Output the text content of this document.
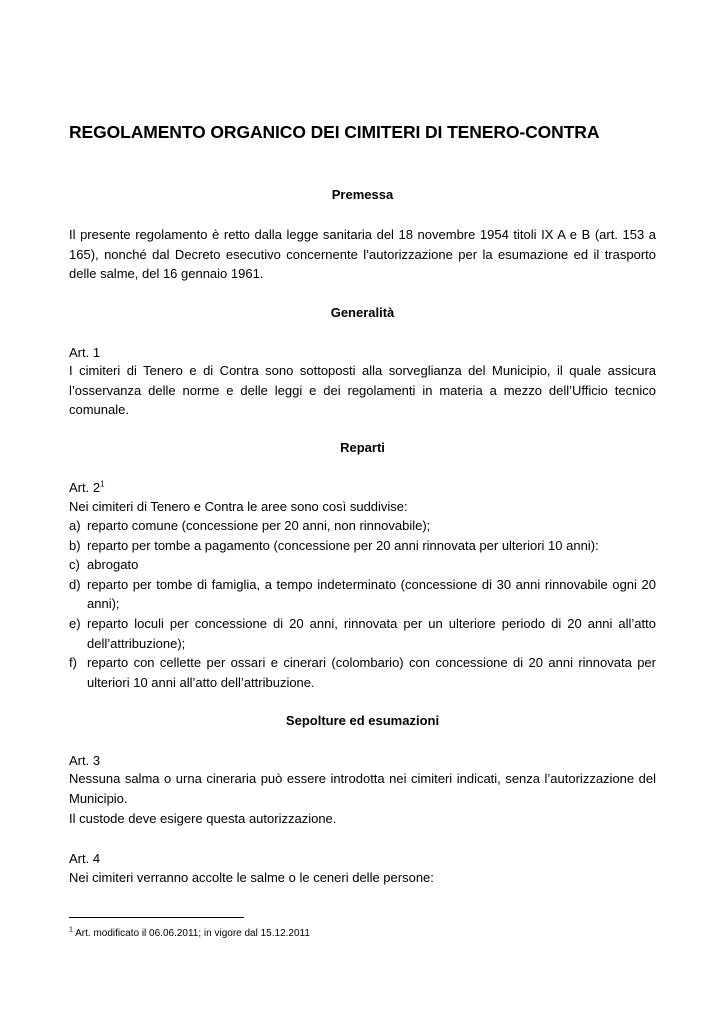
REGOLAMENTO ORGANICO DEI CIMITERI DI TENERO-CONTRA
Premessa

Il presente regolamento è retto dalla legge sanitaria del 18 novembre 1954 titoli IX A e B (art. 153 a 165), nonché dal Decreto esecutivo concernente l’autorizzazione per la esumazione ed il trasporto delle salme, del 16 gennaio 1961.

Generalità

Art. 1

I cimiteri di Tenero e di Contra sono sottoposti alla sorveglianza del Municipio, il quale assicura l’osservanza delle norme e delle leggi e dei regolamenti in materia a mezzo dell’Ufficio tecnico comunale.

Reparti

Art. $2^1$

Nei cimiteri di Tenero e Contra le aree sono così suddivise:

a) reparto comune (concessione per 20 anni, non rinnovabile);
b) reparto per tombe a pagamento (concessione per 20 anni rinnovata per ulteriori 10 anni):
c) abrogato
d) reparto per tombe di famiglia, a tempo indeterminato (concessione di 30 anni rinnovabile ogni 20 anni);
e) reparto loculi per concessione di 20 anni, rinnovata per un ulteriore periodo di 20 anni all’atto dell’attribuzione);
f) reparto con cellette per ossari e cinerari (colombario) con concessione di 20 anni rinnovata per ulteriori 10 anni all’atto dell’attribuzione.
Sepolture ed esumazioni

Art. 3

Nessuna salma o urna cineraria può essere introdotta nei cimiteri indicati, senza l’autorizzazione del Municipio.

Il custode deve esigere questa autorizzazione.

Art. 4

Nei cimiteri verranno accolte le salme o le ceneri delle persone:

$^1$ Art. modificato il 06.06.2011; in vigore dal 15.12.2011
